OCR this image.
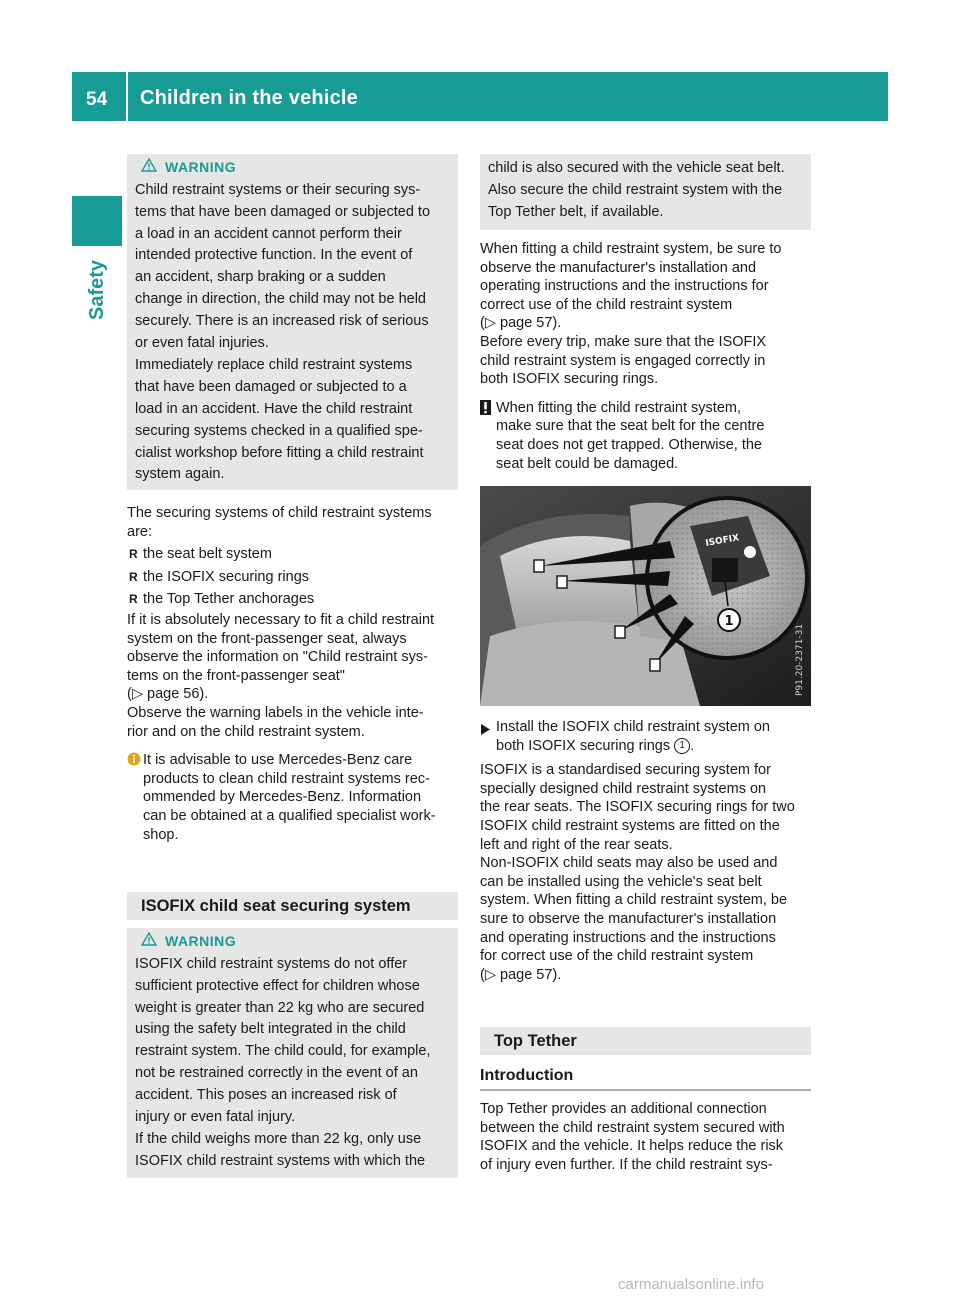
54 Children in the vehicle
Safety
WARNING

Child restraint systems or their securing sys-

tems that have been damaged or subjected to

a load in an accident cannot perform their

intended protective function. In the event of

an accident, sharp braking or a sudden

change in direction, the child may not be held

securely. There is an increased risk of serious

or even fatal injuries.

Immediately replace child restraint systems

that have been damaged or subjected to a

load in an accident. Have the child restraint

securing systems checked in a qualified spe-

cialist workshop before fitting a child restraint

system again.

The securing systems of child restraint systems

are:

R the seat belt system
R the ISOFIX securing rings
R the Top Tether anchorages

If it is absolutely necessary to fit a child restraint

system on the front-passenger seat, always

observe the information on "Child restraint sys-

tems on the front-passenger seat"

(▷ page 56).

Observe the warning labels in the vehicle inte-

rior and on the child restraint system.

It is advisable to use Mercedes-Benz care

products to clean child restraint systems rec-

ommended by Mercedes-Benz. Information

can be obtained at a qualified specialist work-

shop.

ISOFIX child seat securing system
WARNING

ISOFIX child restraint systems do not offer

sufficient protective effect for children whose

weight is greater than 22 kg who are secured

using the safety belt integrated in the child

restraint system. The child could, for example,

not be restrained correctly in the event of an

accident. This poses an increased risk of

injury or even fatal injury.

If the child weighs more than 22 kg, only use

ISOFIX child restraint systems with which the

child is also secured with the vehicle seat belt.

Also secure the child restraint system with the

Top Tether belt, if available.

When fitting a child restraint system, be sure to

observe the manufacturer's installation and

operating instructions and the instructions for

correct use of the child restraint system

(▷ page 57).

Before every trip, make sure that the ISOFIX

child restraint system is engaged correctly in

both ISOFIX securing rings.

When fitting the child restraint system,

make sure that the seat belt for the centre

seat does not get trapped. Otherwise, the

seat belt could be damaged.

ISOFIX
1
P91.20-2371-31

Install the ISOFIX child restraint system on

both ISOFIX securing rings 1 .

ISOFIX is a standardised securing system for

specially designed child restraint systems on

the rear seats. The ISOFIX securing rings for two

ISOFIX child restraint systems are fitted on the

left and right of the rear seats.

Non-ISOFIX child seats may also be used and

can be installed using the vehicle's seat belt

system. When fitting a child restraint system, be

sure to observe the manufacturer's installation

and operating instructions and the instructions

for correct use of the child restraint system

(▷ page 57).

Top Tether
Introduction

Top Tether provides an additional connection

between the child restraint system secured with

ISOFIX and the vehicle. It helps reduce the risk

of injury even further. If the child restraint sys-

carmanualsonline.info
